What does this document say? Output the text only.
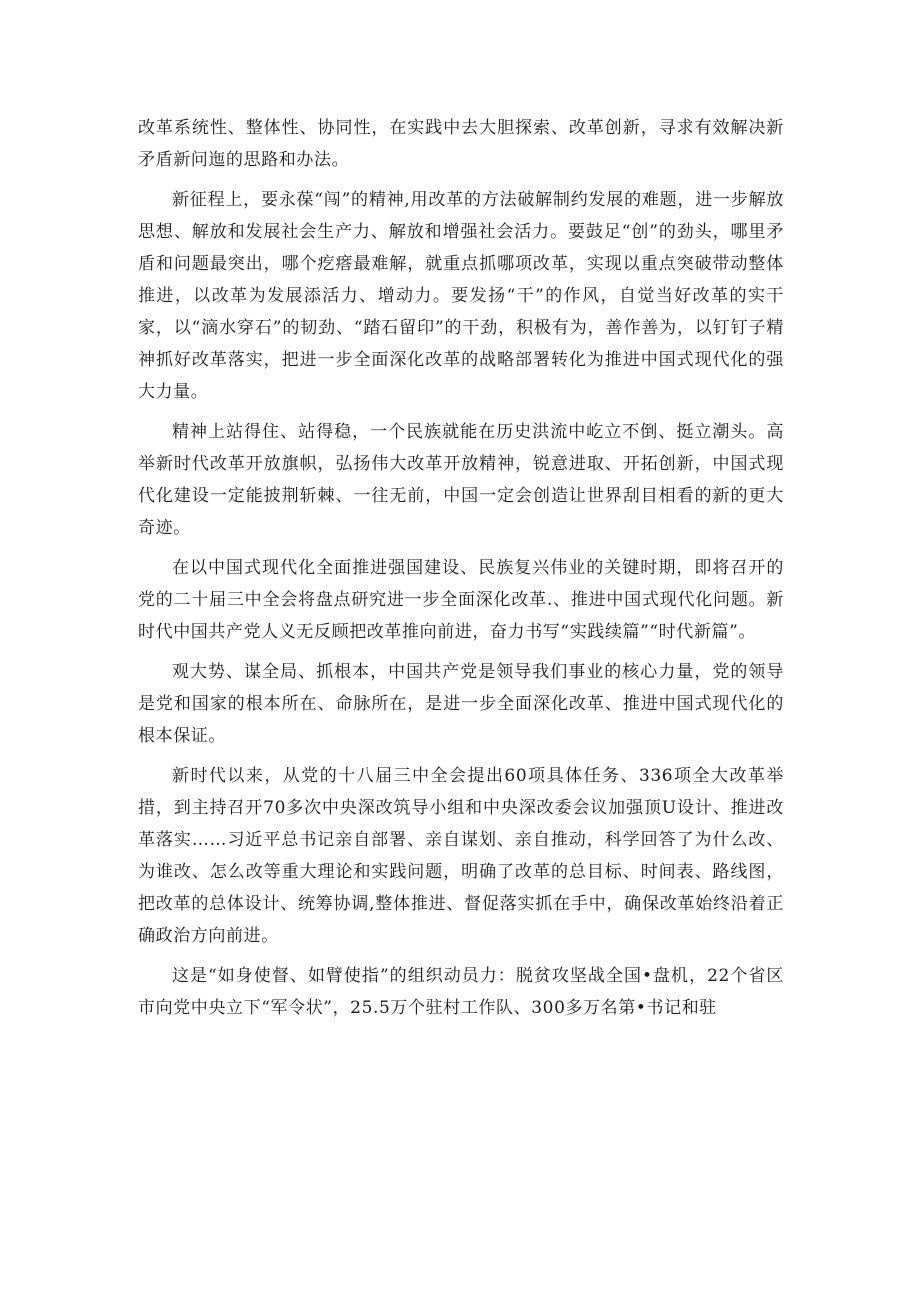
改革系统性、整体性、协同性，在实践中去大胆探索、改革创新，寻求有效解决新矛盾新问迤的思路和办法。

新征程上，要永葆“闯”的精神,用改革的方法破解制约发展的难题，进一步解放思想、解放和发展社会生产力、解放和增强社会活力。要鼓足“创”的劲头，哪里矛盾和问题最突出，哪个疙瘩最难解，就重点抓哪项改革，实现以重点突破带动整体推进，以改革为发展添活力、增动力。要发扬“干”的作风，自觉当好改革的实干家，以“滴水穿石”的韧劲、“踏石留印”的干劲，积极有为，善作善为，以钉钉子精神抓好改革落实，把进一步全面深化改革的战略部署转化为推进中国式现代化的强大力量。

精神上站得住、站得稳，一个民族就能在历史洪流中屹立不倒、挺立潮头。高举新时代改革开放旗帜，弘扬伟大改革开放精神，锐意进取、开拓创新，中国式现代化建设一定能披荆斩棘、一往无前，中国一定会创造让世界刮目相看的新的更大奇迹。

在以中国式现代化全面推进强国建设、民族复兴伟业的关键时期，即将召开的党的二十届三中全会将盘点研究进一步全面深化改革.、推进中国式现代化问题。新时代中国共产党人义无反顾把改革推向前进，奋力书写“实践续篇”“时代新篇”。

观大势、谋全局、抓根本，中国共产党是领导我们事业的核心力量，党的领导是党和国家的根本所在、命脉所在，是进一步全面深化改革、推进中国式现代化的根本保证。

新时代以来，从党的十八届三中全会提出60项具体任务、336项全大改革举措，到主持召开70多次中央深改筑导小组和中央深改委会议加强顶U设计、推进改革落实……习近平总书记亲自部署、亲自谋划、亲自推动，科学回答了为什么改、为谁改、怎么改等重大理论和实践问题，明确了改革的总目标、时间表、路线图，把改革的总体设计、统筹协调,整体推进、督促落实抓在手中，确保改革始终沿着正确政治方向前进。

这是“如身使督、如臂使指”的组织动员力：脱贫攻坚战全国•盘机，22个省区市向党中央立下“军令状”，25.5万个驻村工作队、300多万名第•书记和驻
